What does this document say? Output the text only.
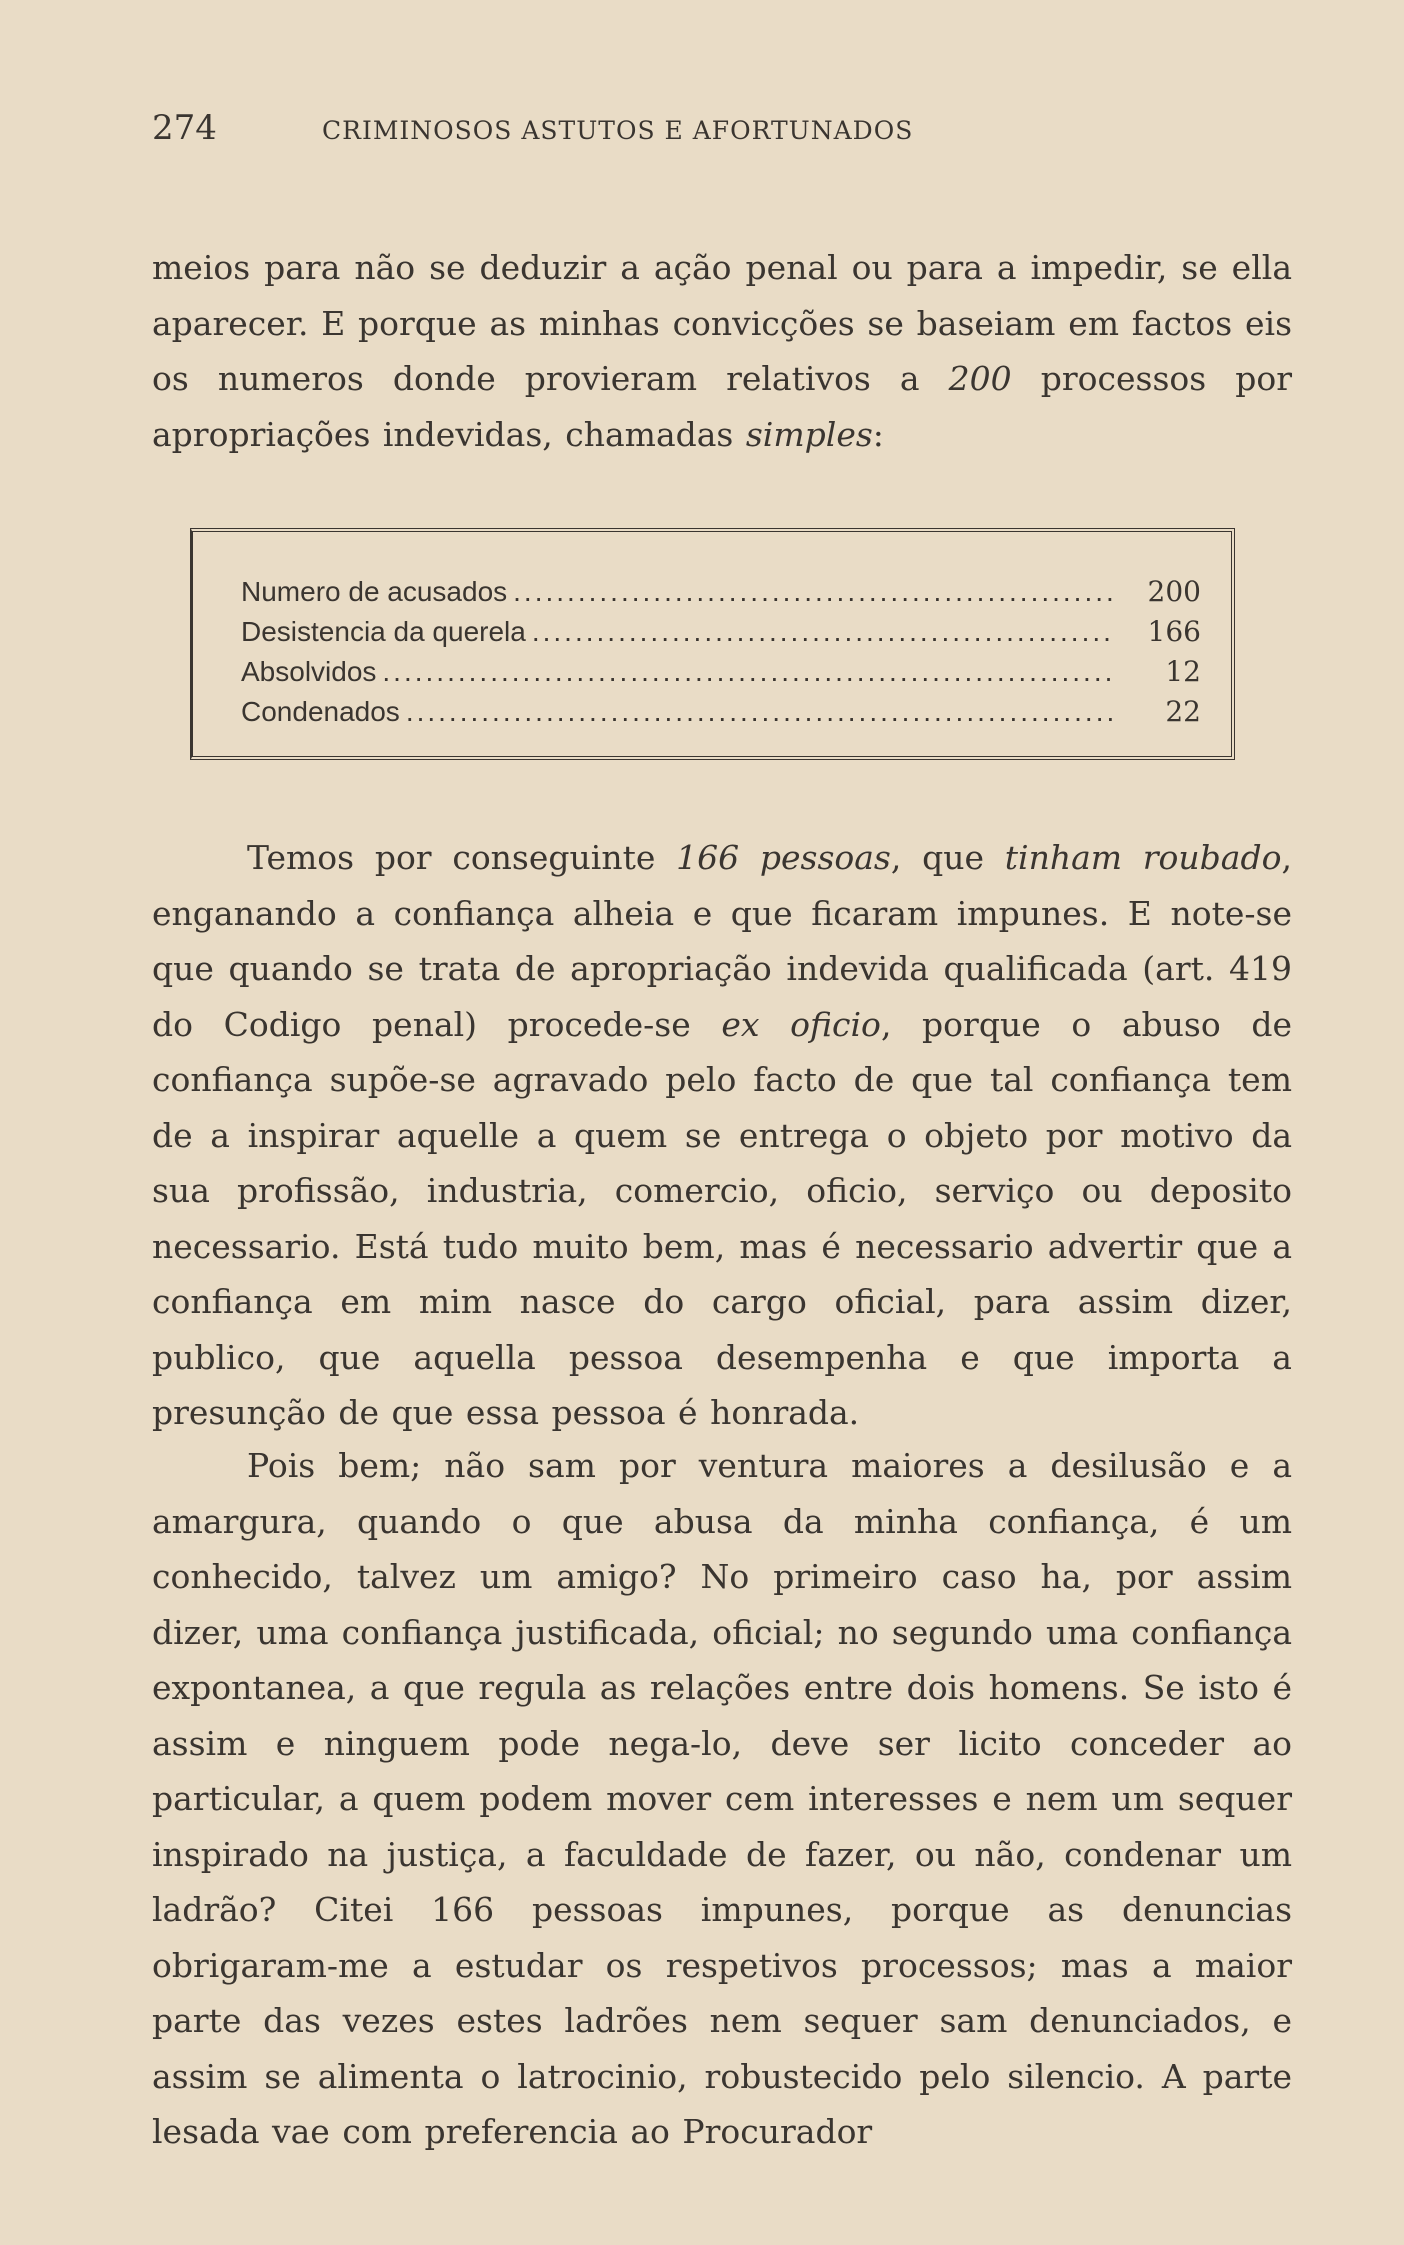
274	CRIMINOSOS ASTUTOS E AFORTUNADOS

meios para não se deduzir a ação penal ou para a impedir, se ella aparecer. E porque as minhas convicções se baseiam em factos eis os numeros donde provieram relativos a 200 processos por apropriações indevidas, chamadas simples:

Numero de acusados .....	200
Desistencia da querela .....	166
Absolvidos .....	12
Condenados .....	22

Temos por conseguinte 166 pessoas, que tinham roubado, enganando a confiança alheia e que ficaram impunes. E note-se que quando se trata de apropriação indevida qualificada (art. 419 do Codigo penal) procede-se ex oficio, porque o abuso de confiança supõe-se agravado pelo facto de que tal confiança tem de a inspirar aquelle a quem se entrega o objeto por motivo da sua profissão, industria, comercio, oficio, serviço ou deposito necessario. Está tudo muito bem, mas é necessario advertir que a confiança em mim nasce do cargo oficial, para assim dizer, publico, que aquella pessoa desempenha e que importa a presunção de que essa pessoa é honrada.

Pois bem; não sam por ventura maiores a desilusão e a amargura, quando o que abusa da minha confiança, é um conhecido, talvez um amigo? No primeiro caso ha, por assim dizer, uma confiança justificada, oficial; no segundo uma confiança expontanea, a que regula as relações entre dois homens. Se isto é assim e ninguem pode nega-lo, deve ser licito conceder ao particular, a quem podem mover cem interesses e nem um sequer inspirado na justiça, a faculdade de fazer, ou não, condenar um ladrão? Citei 166 pessoas impunes, porque as denuncias obrigaram-me a estudar os respetivos processos; mas a maior parte das vezes estes ladrões nem sequer sam denunciados, e assim se alimenta o latrocinio, robustecido pelo silencio. A parte lesada vae com preferencia ao Procurador
